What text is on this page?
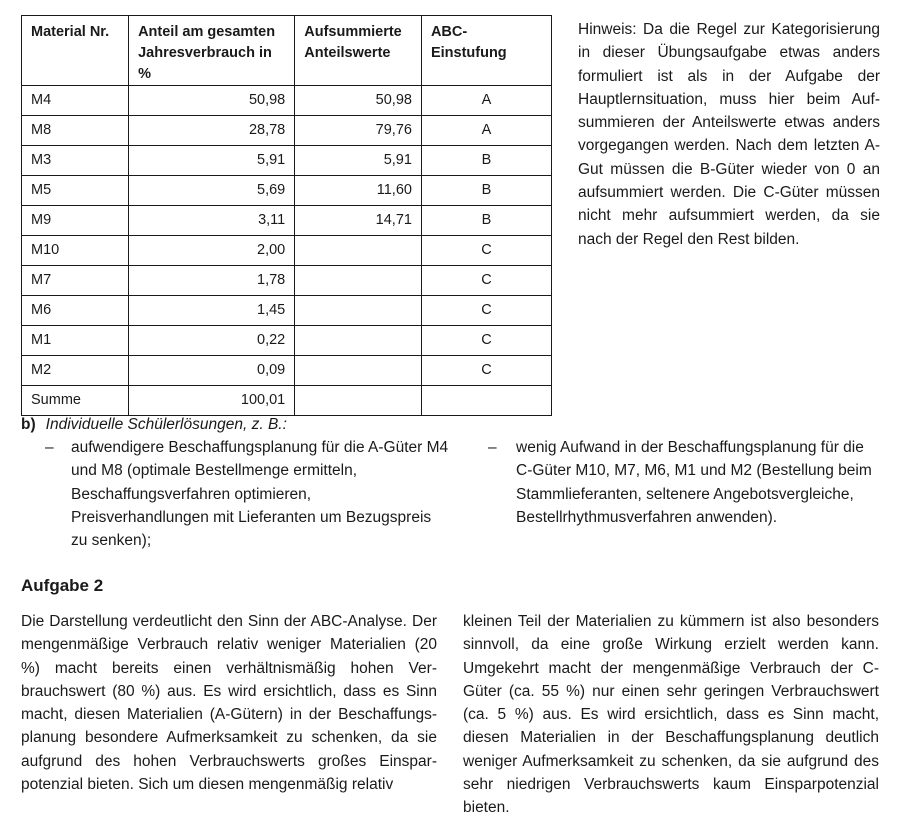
Material Nr.	Anteil am gesamten Jahresverbrauch in %	Aufsummierte Anteilswerte	ABC-Einstufung
M4	50,98	50,98	A
M8	28,78	79,76	A
M3	5,91	5,91	B
M5	5,69	11,60	B
M9	3,11	14,71	B
M10	2,00		C
M7	1,78		C
M6	1,45		C
M1	0,22		C
M2	0,09		C
Summe	100,01		
Hinweis: Da die Regel zur Kategorisierung in dieser Übungsaufgabe etwas anders formuliert ist als in der Aufgabe der Hauptlernsituation, muss hier beim Aufsummieren der Anteilswerte etwas anders vorgegangen werden. Nach dem letzten A-Gut müssen die B-Güter wieder von 0 an aufsummiert werden. Die C-Güter müssen nicht mehr aufsummiert werden, da sie nach der Regel den Rest bilden.
b) Individuelle Schülerlösungen, z. B.:
– aufwendigere Beschaffungsplanung für die A-Güter M4 und M8 (optimale Bestellmenge ermitteln, Beschaffungsverfahren optimieren, Preisverhandlungen mit Lieferanten um Bezugspreis zu senken);
– wenig Aufwand in der Beschaffungsplanung für die C-Güter M10, M7, M6, M1 und M2 (Bestellung beim Stammlieferanten, seltenere Angebotsvergleiche, Bestellrhythmusverfahren anwenden).
Aufgabe 2
Die Darstellung verdeutlicht den Sinn der ABC-Analyse. Der mengenmäßige Verbrauch relativ weniger Materialien (20 %) macht bereits einen verhältnismäßig hohen Verbrauchswert (80 %) aus. Es wird ersichtlich, dass es Sinn macht, diesen Materialien (A-Gütern) in der Beschaffungsplanung besondere Aufmerksamkeit zu schenken, da sie aufgrund des hohen Verbrauchswerts großes Einsparpotenzial bieten. Sich um diesen mengenmäßig relativ
kleinen Teil der Materialien zu kümmern ist also besonders sinnvoll, da eine große Wirkung erzielt werden kann. Umgekehrt macht der mengenmäßige Verbrauch der C-Güter (ca. 55 %) nur einen sehr geringen Verbrauchswert (ca. 5 %) aus. Es wird ersichtlich, dass es Sinn macht, diesen Materialien in der Beschaffungsplanung deutlich weniger Aufmerksamkeit zu schenken, da sie aufgrund des sehr niedrigen Verbrauchswerts kaum Einsparpotenzial bieten.
